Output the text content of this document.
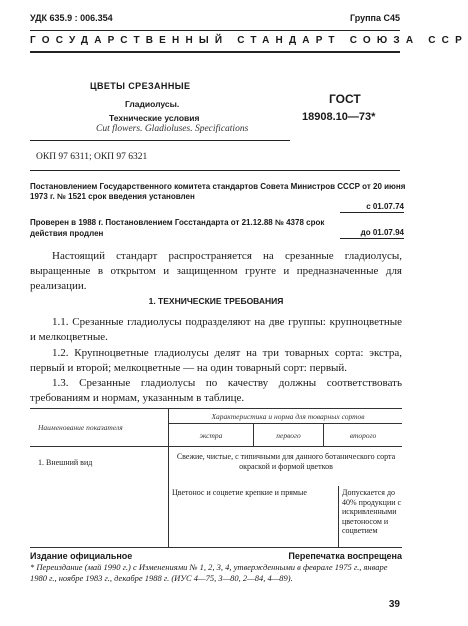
УДК 635.9 : 006.354	Группа С45
ГОСУДАРСТВЕННЫЙ СТАНДАРТ СОЮЗА ССР
ЦВЕТЫ СРЕЗАННЫЕ
Гладиолусы.
Технические условия
Cut flowers. Gladioluses. Specifications
ГОСТ
18908.10—73*
ОКП 97 6311; ОКП 97 6321
Постановлением Государственного комитета стандартов Совета Министров СССР от 20 июня 1973 г. № 1521 срок введения установлен
с 01.07.74
Проверен в 1988 г. Постановлением Госстандарта от 21.12.88 № 4378 срок действия продлен	до 01.07.94
Настоящий стандарт распространяется на срезанные гладиолусы, выращенные в открытом и защищенном грунте и предназначенные для реализации.
1. ТЕХНИЧЕСКИЕ ТРЕБОВАНИЯ
1.1. Срезанные гладиолусы подразделяют на две группы: крупноцветные и мелкоцветные.
1.2. Крупноцветные гладиолусы делят на три товарных сорта: экстра, первый и второй; мелкоцветные — на один товарный сорт: первый.
1.3. Срезанные гладиолусы по качеству должны соответствовать требованиям и нормам, указанным в таблице.
Наименование показателя
Характеристика и норма для товарных сортов
экстра	первого	второго
1. Внешний вид
Свежие, чистые, с типичными для данного ботанического сорта окраской и формой цветков
Цветонос и соцветие крепкие и прямые	Допускается до 40% продукции с искривленными цветоносом и соцветием
Издание официальное	Перепечатка воспрещена
* Переиздание (май 1990 г.) с Изменениями № 1, 2, 3, 4, утвержденными в феврале 1975 г., январе 1980 г., ноябре 1983 г., декабре 1988 г. (ИУС 4—75, 3—80, 2—84, 4—89).
39
